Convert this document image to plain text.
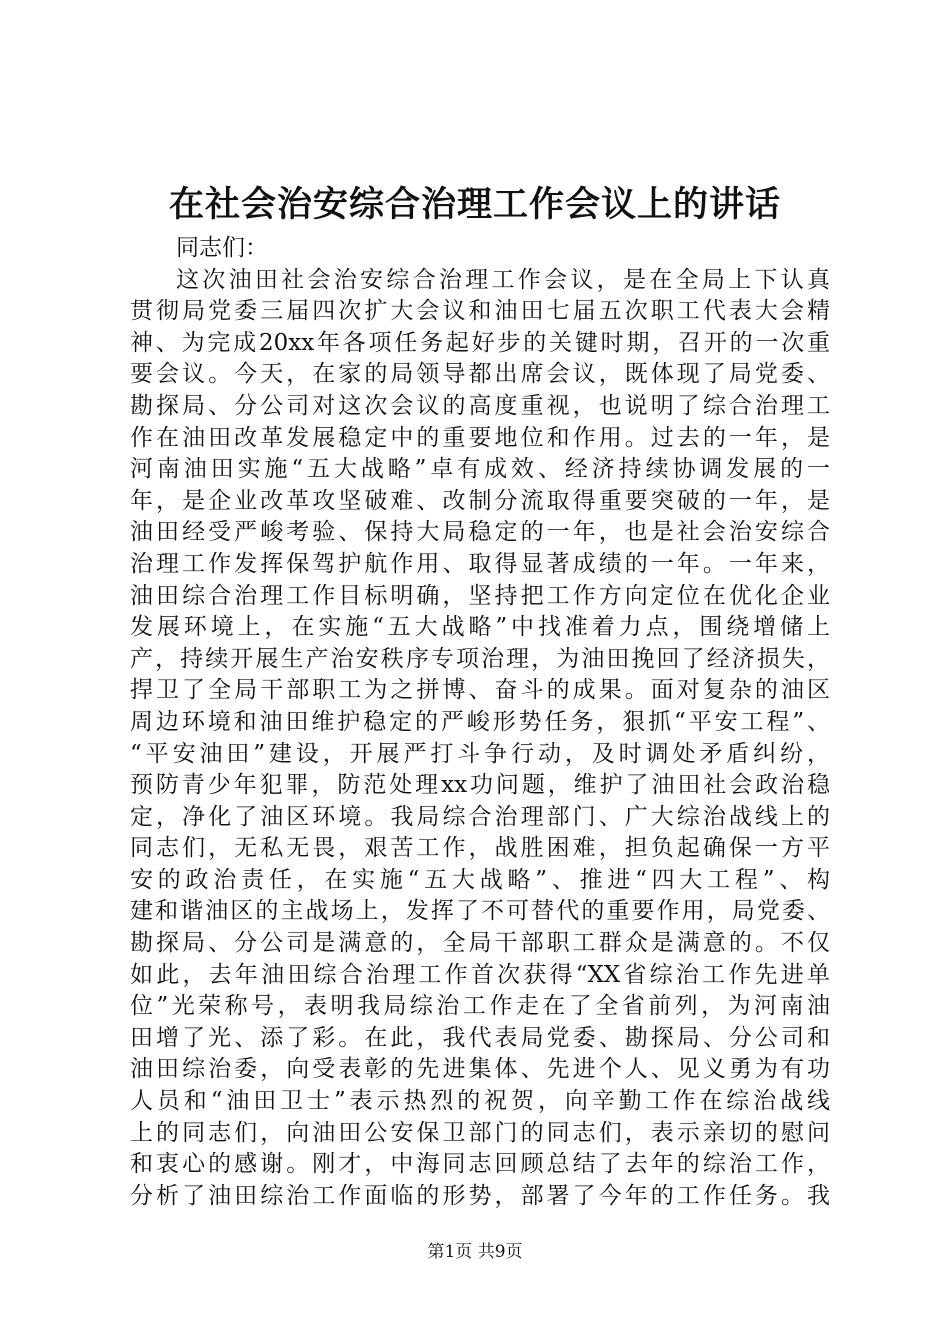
在社会治安综合治理工作会议上的讲话
同志们：
这次油田社会治安综合治理工作会议，是在全局上下认真
贯彻局党委三届四次扩大会议和油田七届五次职工代表大会精
神、为完成20xx年各项任务起好步的关键时期，召开的一次重
要会议。今天，在家的局领导都出席会议，既体现了局党委、
勘探局、分公司对这次会议的高度重视，也说明了综合治理工
作在油田改革发展稳定中的重要地位和作用。过去的一年，是
河南油田实施“五大战略”卓有成效、经济持续协调发展的一
年，是企业改革攻坚破难、改制分流取得重要突破的一年，是
油田经受严峻考验、保持大局稳定的一年，也是社会治安综合
治理工作发挥保驾护航作用、取得显著成绩的一年。一年来，
油田综合治理工作目标明确，坚持把工作方向定位在优化企业
发展环境上，在实施“五大战略”中找准着力点，围绕增储上
产，持续开展生产治安秩序专项治理，为油田挽回了经济损失，
捍卫了全局干部职工为之拼博、奋斗的成果。面对复杂的油区
周边环境和油田维护稳定的严峻形势任务，狠抓“平安工程”、
“平安油田”建设，开展严打斗争行动，及时调处矛盾纠纷，
预防青少年犯罪，防范处理xx功问题，维护了油田社会政治稳
定，净化了油区环境。我局综合治理部门、广大综治战线上的
同志们，无私无畏，艰苦工作，战胜困难，担负起确保一方平
安的政治责任，在实施“五大战略”、推进“四大工程”、构
建和谐油区的主战场上，发挥了不可替代的重要作用，局党委、
勘探局、分公司是满意的，全局干部职工群众是满意的。不仅
如此，去年油田综合治理工作首次获得“XX省综治工作先进单
位”光荣称号，表明我局综治工作走在了全省前列，为河南油
田增了光、添了彩。在此，我代表局党委、勘探局、分公司和
油田综治委，向受表彰的先进集体、先进个人、见义勇为有功
人员和“油田卫士”表示热烈的祝贺，向辛勤工作在综治战线
上的同志们，向油田公安保卫部门的同志们，表示亲切的慰问
和衷心的感谢。刚才，中海同志回顾总结了去年的综治工作，
分析了油田综治工作面临的形势，部署了今年的工作任务。我
第1页 共9页
